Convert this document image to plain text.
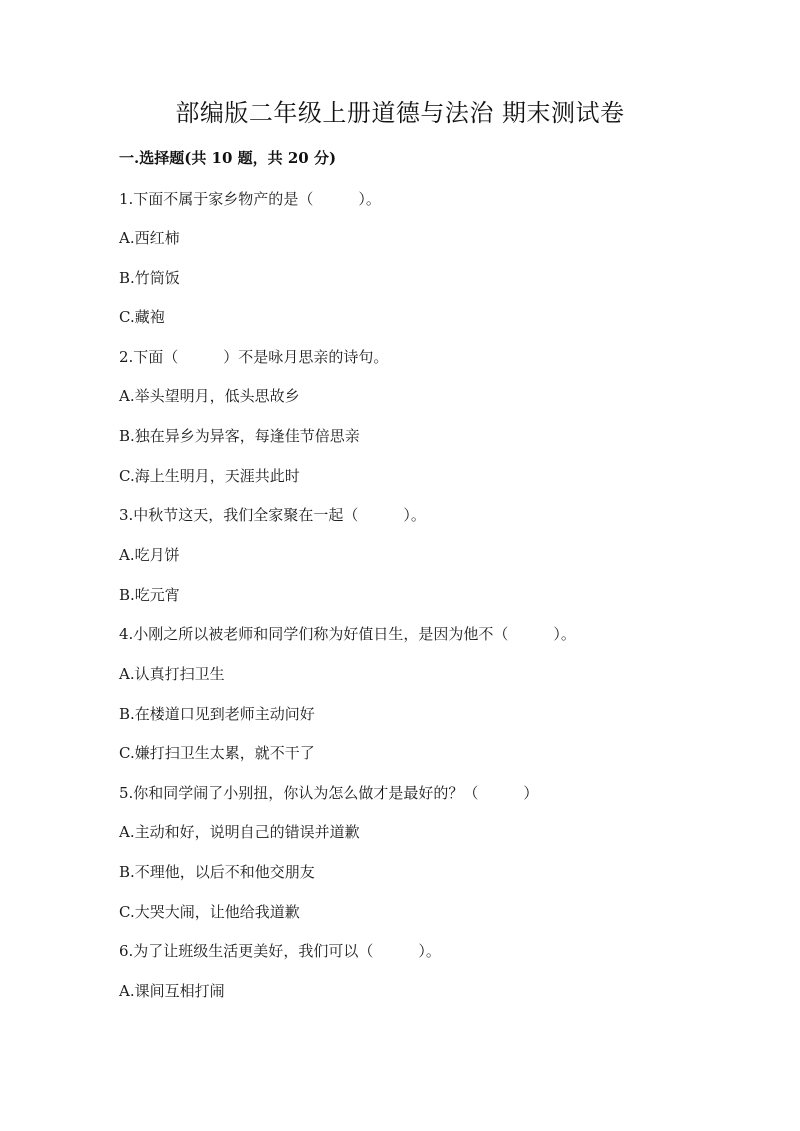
部编版二年级上册道德与法治 期末测试卷
一.选择题(共 10 题，共 20 分)
1.下面不属于家乡物产的是（　　　）。
A.西红柿
B.竹筒饭
C.藏袍
2.下面（　　　）不是咏月思亲的诗句。
A.举头望明月，低头思故乡
B.独在异乡为异客，每逢佳节倍思亲
C.海上生明月，天涯共此时
3.中秋节这天，我们全家聚在一起（　　　）。
A.吃月饼
B.吃元宵
4.小刚之所以被老师和同学们称为好值日生，是因为他不（　　　）。
A.认真打扫卫生
B.在楼道口见到老师主动问好
C.嫌打扫卫生太累，就不干了
5.你和同学闹了小别扭，你认为怎么做才是最好的？（　　　）
A.主动和好，说明自己的错误并道歉
B.不理他，以后不和他交朋友
C.大哭大闹，让他给我道歉
6.为了让班级生活更美好，我们可以（　　　）。
A.课间互相打闹
